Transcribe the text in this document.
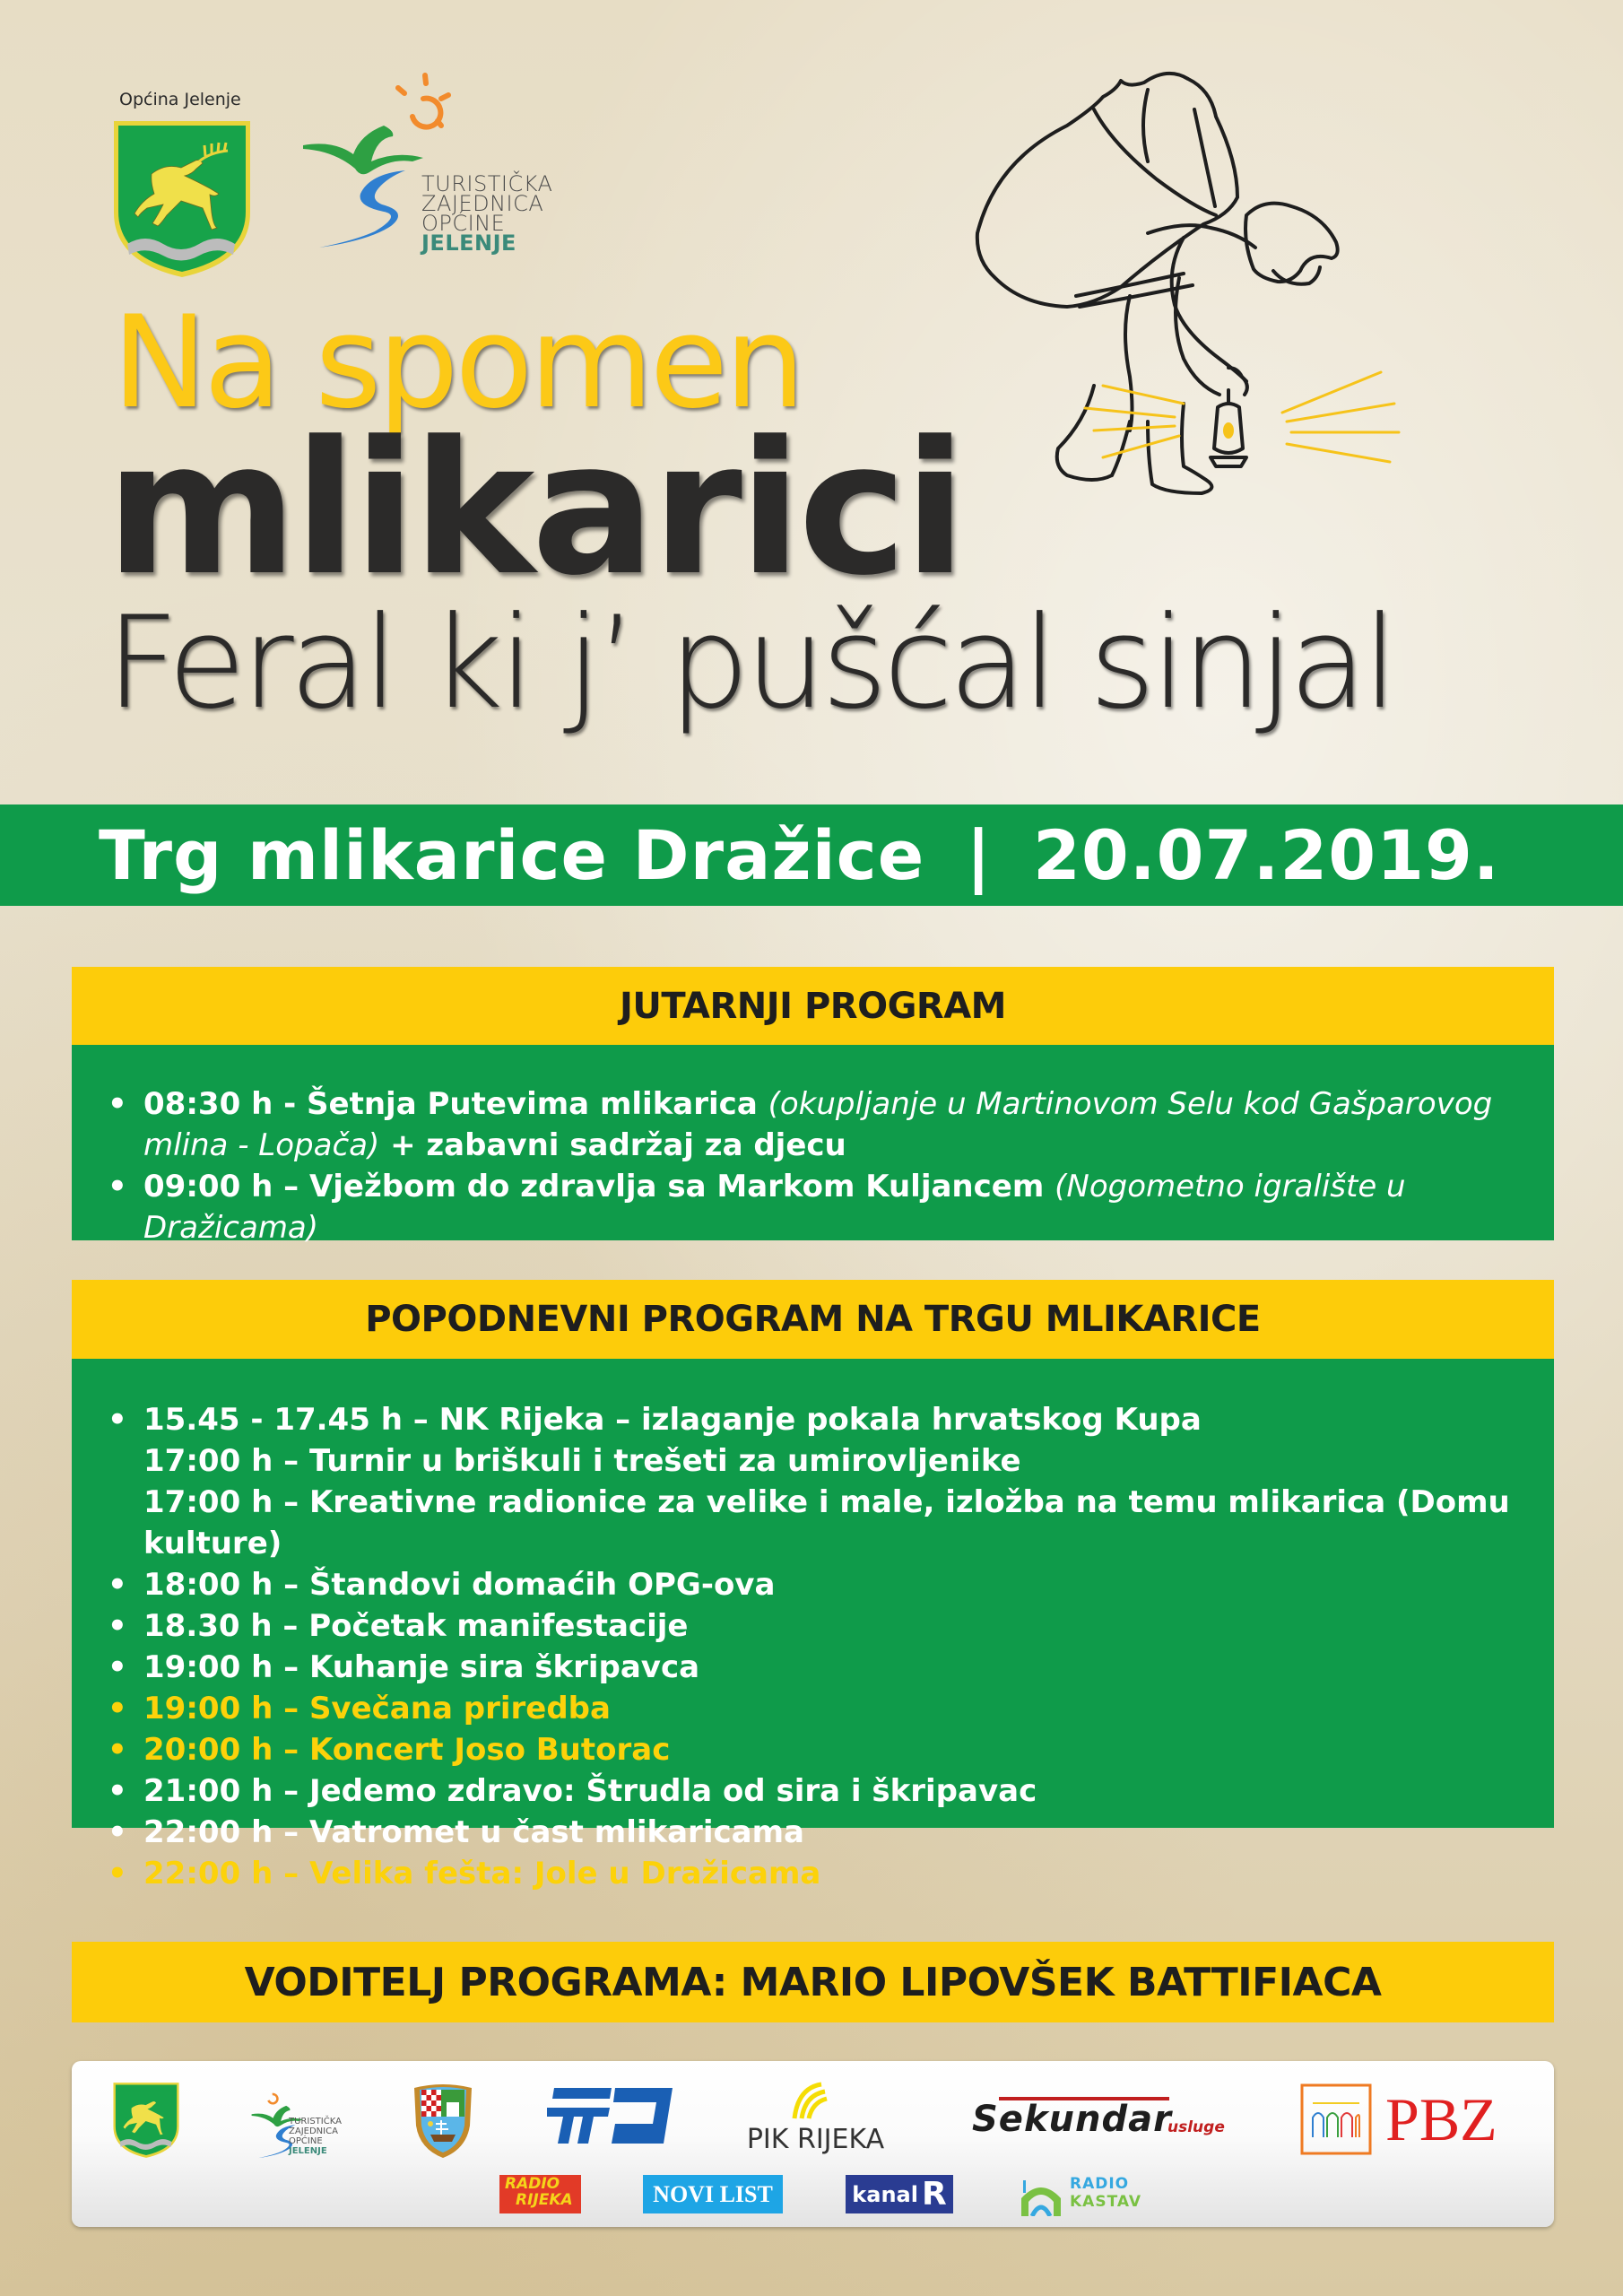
Općina Jelenje
TURISTIČKA
ZAJEDNICA
OPĆINE
JELENJE
Na spomen
mlikarici
Feral ki j’ pušćal sinjal
Trg mlikarice Dražice | 20.07.2019.
JUTARNJI PROGRAM
• 08:30 h - Šetnja Putevima mlikarica (okupljanje u Martinovom Selu kod Gašparovog mlina - Lopača) + zabavni sadržaj za djecu
• 09:00 h – Vježbom do zdravlja sa Markom Kuljancem (Nogometno igralište u Dražicama)
POPODNEVNI PROGRAM NA TRGU MLIKARICE
• 15.45 - 17.45 h – NK Rijeka – izlaganje pokala hrvatskog Kupa
17:00 h – Turnir u briškuli i trešeti za umirovljenike
17:00 h – Kreativne radionice za velike i male, izložba na temu mlikarica (Domu kulture)
• 18:00 h – Štandovi domaćih OPG-ova
• 18.30 h – Početak manifestacije
• 19:00 h – Kuhanje sira škripavca
• 19:00 h – Svečana priredba
• 20:00 h – Koncert Joso Butorac
• 21:00 h – Jedemo zdravo: Štrudla od sira i škripavac
• 22:00 h – Vatromet u čast mlikaricama
• 22:00 h – Velika fešta: Jole u Dražicama
VODITELJ PROGRAMA: MARIO LIPOVŠEK BATTIFIACA
TURISTIČKA
ZAJEDNICA
OPĆINE
JELENJE	PIK RIJEKA Sekundar
usluge	PBZ
RADIO
RIJEKA	NOVI LIST	kanal R	RADIO
KASTAV
